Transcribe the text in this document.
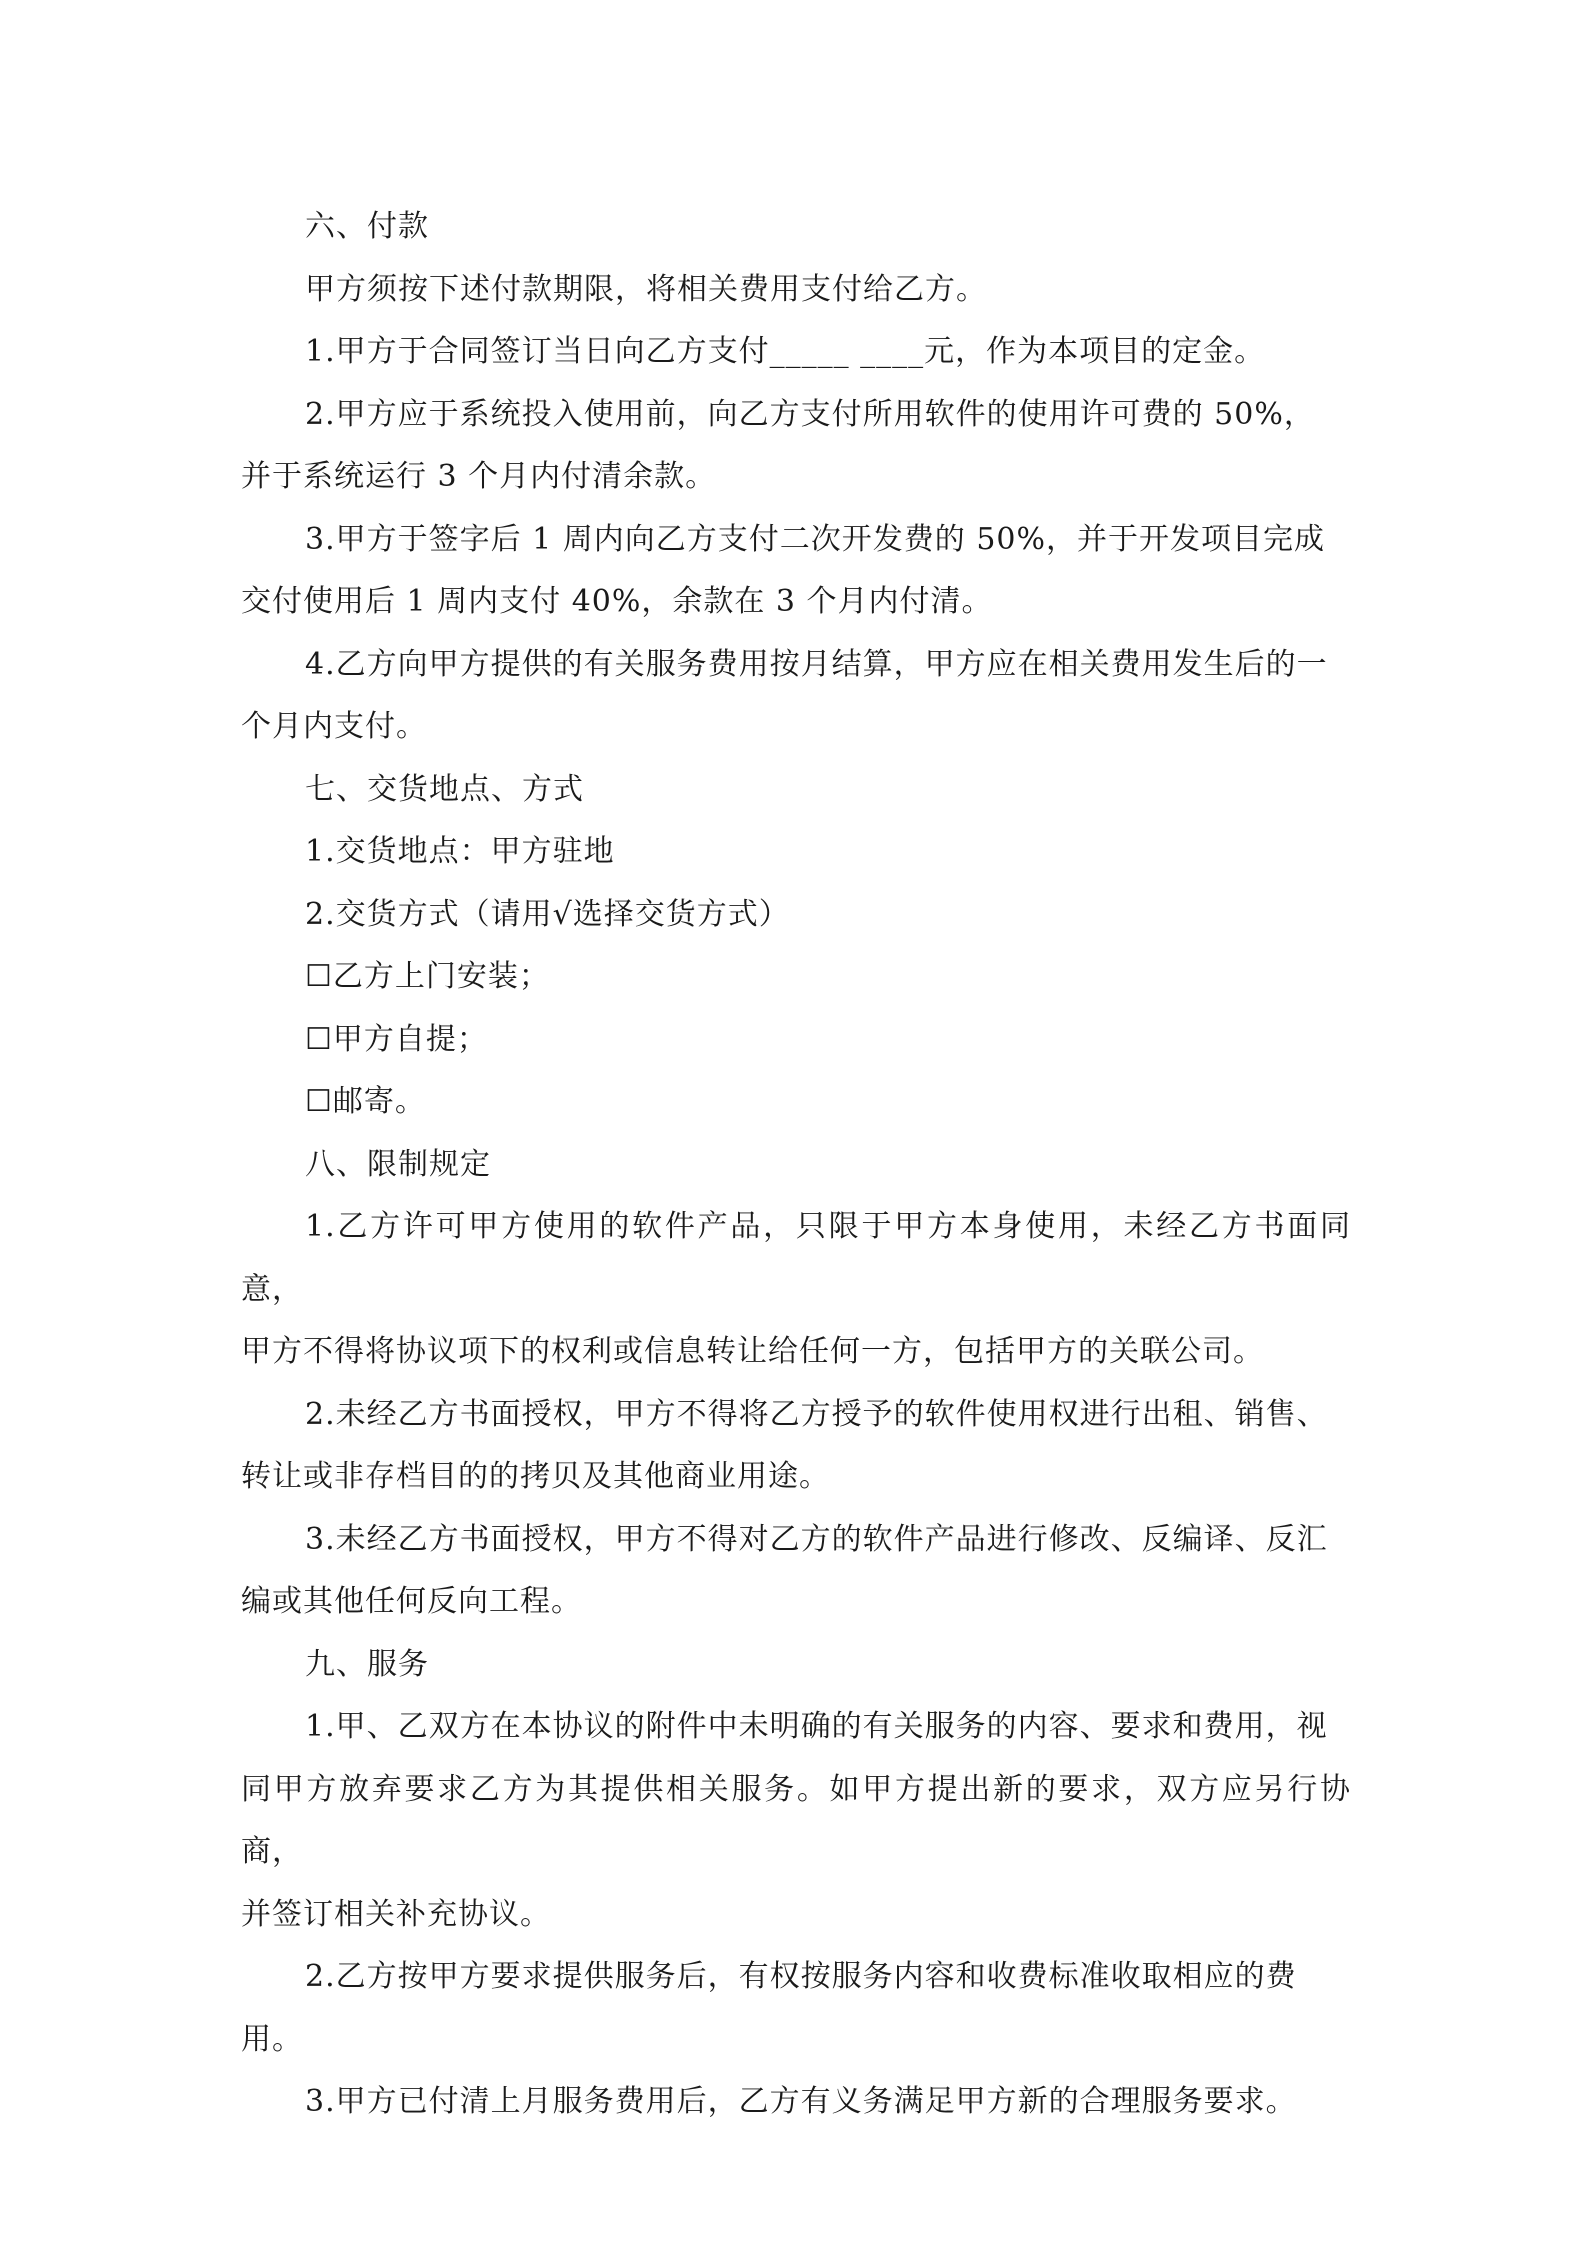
六、付款

甲方须按下述付款期限，将相关费用支付给乙方。

1.甲方于合同签订当日向乙方支付_____ ____元，作为本项目的定金。

2.甲方应于系统投入使用前，向乙方支付所用软件的使用许可费的 50%，

并于系统运行 3 个月内付清余款。

3.甲方于签字后 1 周内向乙方支付二次开发费的 50%，并于开发项目完成

交付使用后 1 周内支付 40%，余款在 3 个月内付清。

4.乙方向甲方提供的有关服务费用按月结算，甲方应在相关费用发生后的一

个月内支付。

七、交货地点、方式

1.交货地点：甲方驻地

2.交货方式（请用√选择交货方式）

☐乙方上门安装；

☐甲方自提；

☐邮寄。

八、限制规定

1.乙方许可甲方使用的软件产品，只限于甲方本身使用，未经乙方书面同意，

甲方不得将协议项下的权利或信息转让给任何一方，包括甲方的关联公司。

2.未经乙方书面授权，甲方不得将乙方授予的软件使用权进行出租、销售、

转让或非存档目的的拷贝及其他商业用途。

3.未经乙方书面授权，甲方不得对乙方的软件产品进行修改、反编译、反汇

编或其他任何反向工程。

九、服务

1.甲、乙双方在本协议的附件中未明确的有关服务的内容、要求和费用，视

同甲方放弃要求乙方为其提供相关服务。如甲方提出新的要求，双方应另行协商，

并签订相关补充协议。

2.乙方按甲方要求提供服务后，有权按服务内容和收费标准收取相应的费

用。

3.甲方已付清上月服务费用后，乙方有义务满足甲方新的合理服务要求。
